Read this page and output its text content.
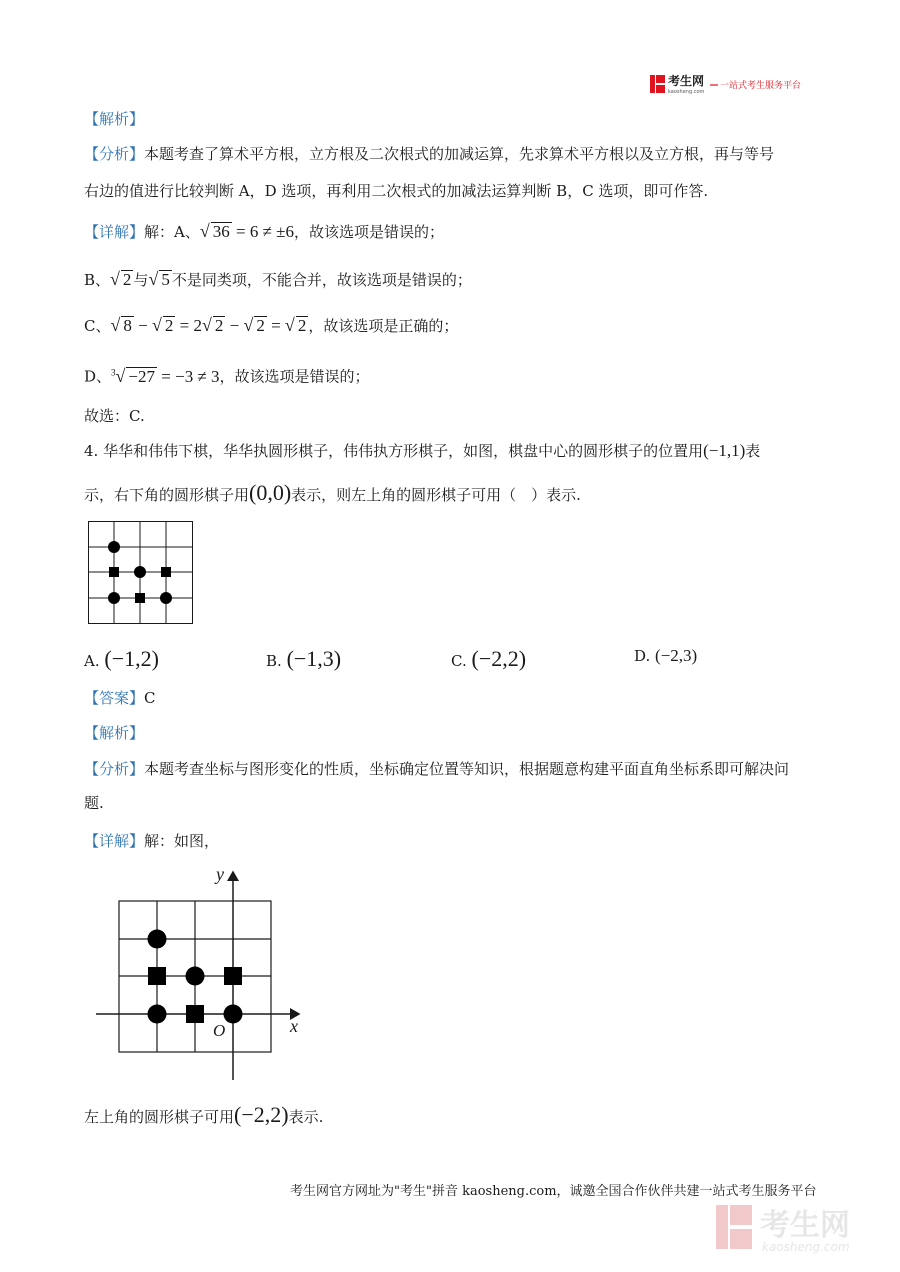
考生网
kaosheng.com
一站式考生服务平台
【解析】
【分析】本题考查了算术平方根，立方根及二次根式的加减运算，先求算术平方根以及立方根，再与等号
右边的值进行比较判断 A，D 选项，再利用二次根式的加减法运算判断 B，C 选项，即可作答.
【详解】解：A、√ 36 = 6 ≠ ±6，故该选项是错误的；
B、√ 2 与√ 5 不是同类项，不能合并，故该选项是错误的；
C、√ 8 − √ 2 = 2√ 2 − √ 2 = √ 2 ，故该选项是正确的；
D、$^3$√ −27 = −3 ≠ 3，故该选项是错误的；
故选：C.
4. 华华和伟伟下棋，华华执圆形棋子，伟伟执方形棋子，如图，棋盘中心的圆形棋子的位置用(−1,1)表
示，右下角的圆形棋子用(0,0)表示，则左上角的圆形棋子可用（　）表示.
A. (−1,2)	B. (−1,3)	C. (−2,2)	D. (−2,3)
【答案】C
【解析】
【分析】本题考查坐标与图形变化的性质，坐标确定位置等知识，根据题意构建平面直角坐标系即可解决问
题.
【详解】解：如图，
y
x
O
左上角的圆形棋子可用(−2,2)表示.
考生网官方网址为"考生"拼音 kaosheng.com，诚邀全国合作伙伴共建一站式考生服务平台
考生网
kaosheng.com
